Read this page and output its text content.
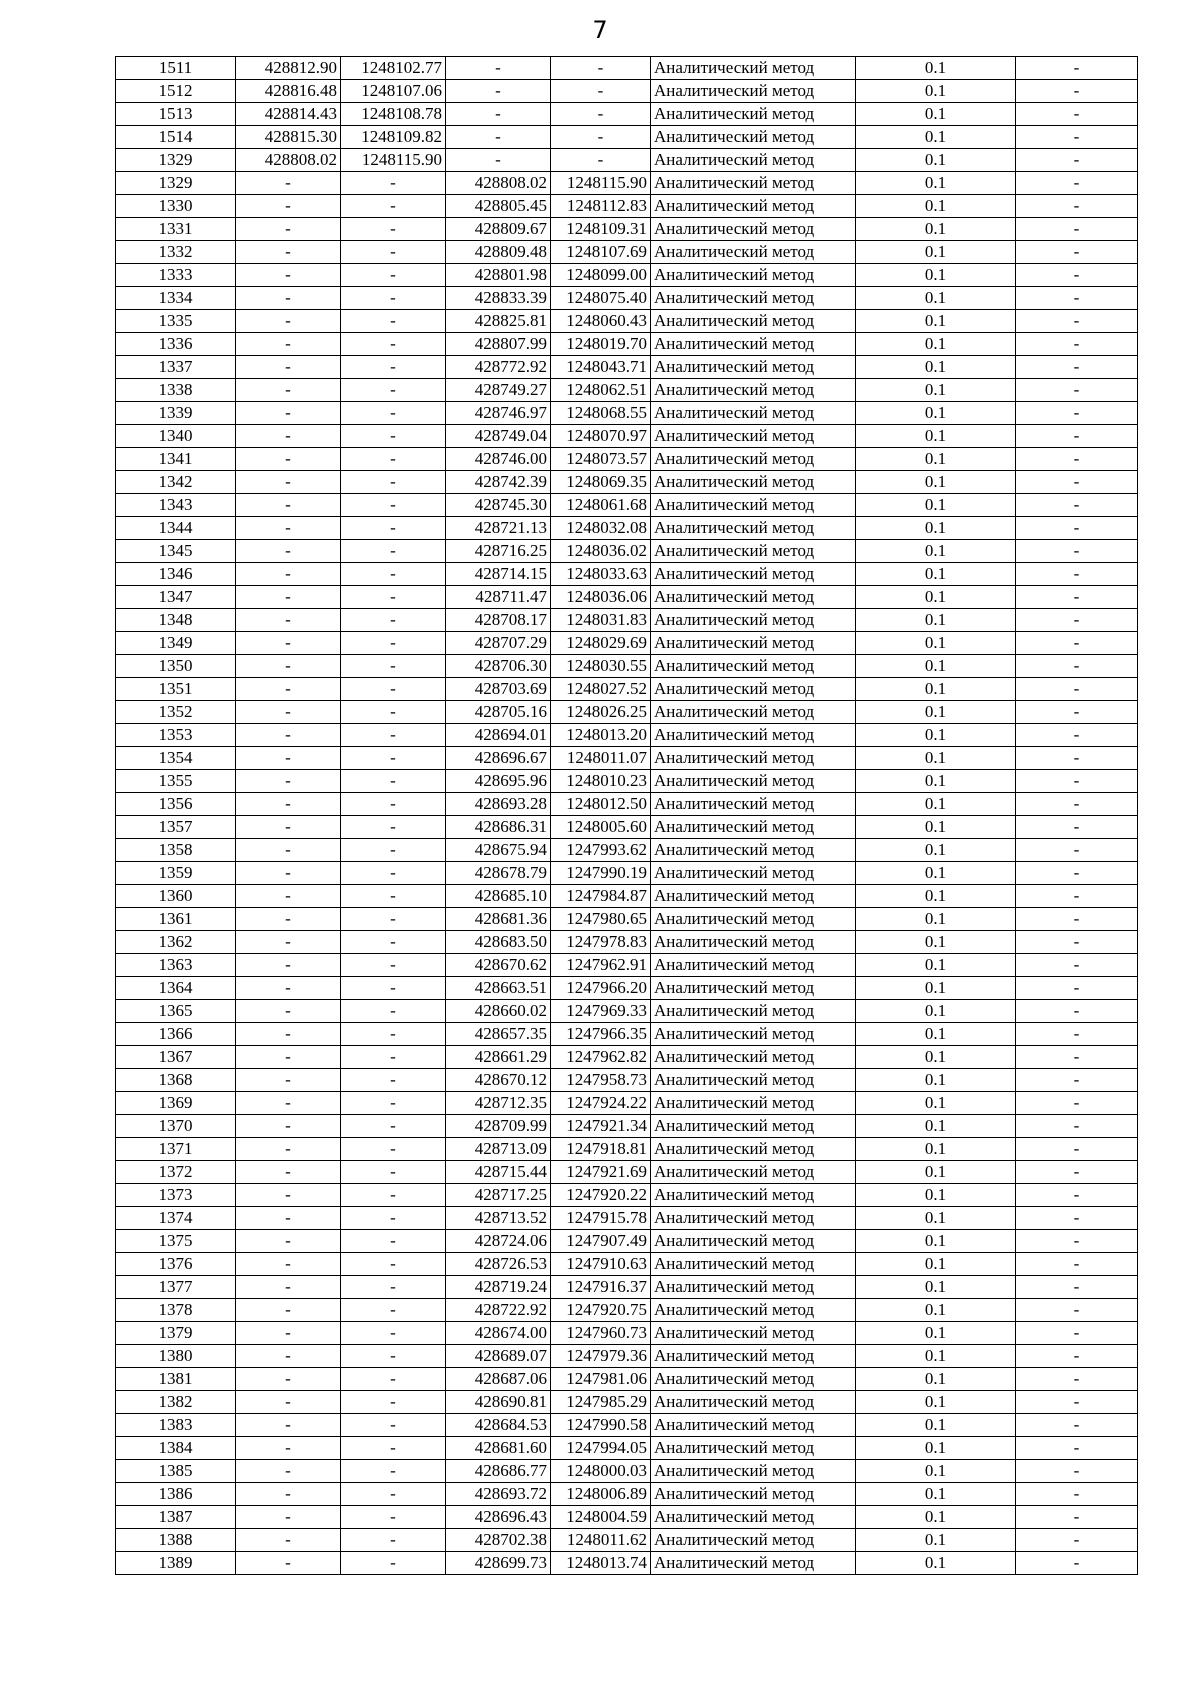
7
1511	428812.90	1248102.77	-	-	Аналитический метод	0.1	-
1512	428816.48	1248107.06	-	-	Аналитический метод	0.1	-
1513	428814.43	1248108.78	-	-	Аналитический метод	0.1	-
1514	428815.30	1248109.82	-	-	Аналитический метод	0.1	-
1329	428808.02	1248115.90	-	-	Аналитический метод	0.1	-
1329	-	-	428808.02	1248115.90	Аналитический метод	0.1	-
1330	-	-	428805.45	1248112.83	Аналитический метод	0.1	-
1331	-	-	428809.67	1248109.31	Аналитический метод	0.1	-
1332	-	-	428809.48	1248107.69	Аналитический метод	0.1	-
1333	-	-	428801.98	1248099.00	Аналитический метод	0.1	-
1334	-	-	428833.39	1248075.40	Аналитический метод	0.1	-
1335	-	-	428825.81	1248060.43	Аналитический метод	0.1	-
1336	-	-	428807.99	1248019.70	Аналитический метод	0.1	-
1337	-	-	428772.92	1248043.71	Аналитический метод	0.1	-
1338	-	-	428749.27	1248062.51	Аналитический метод	0.1	-
1339	-	-	428746.97	1248068.55	Аналитический метод	0.1	-
1340	-	-	428749.04	1248070.97	Аналитический метод	0.1	-
1341	-	-	428746.00	1248073.57	Аналитический метод	0.1	-
1342	-	-	428742.39	1248069.35	Аналитический метод	0.1	-
1343	-	-	428745.30	1248061.68	Аналитический метод	0.1	-
1344	-	-	428721.13	1248032.08	Аналитический метод	0.1	-
1345	-	-	428716.25	1248036.02	Аналитический метод	0.1	-
1346	-	-	428714.15	1248033.63	Аналитический метод	0.1	-
1347	-	-	428711.47	1248036.06	Аналитический метод	0.1	-
1348	-	-	428708.17	1248031.83	Аналитический метод	0.1	-
1349	-	-	428707.29	1248029.69	Аналитический метод	0.1	-
1350	-	-	428706.30	1248030.55	Аналитический метод	0.1	-
1351	-	-	428703.69	1248027.52	Аналитический метод	0.1	-
1352	-	-	428705.16	1248026.25	Аналитический метод	0.1	-
1353	-	-	428694.01	1248013.20	Аналитический метод	0.1	-
1354	-	-	428696.67	1248011.07	Аналитический метод	0.1	-
1355	-	-	428695.96	1248010.23	Аналитический метод	0.1	-
1356	-	-	428693.28	1248012.50	Аналитический метод	0.1	-
1357	-	-	428686.31	1248005.60	Аналитический метод	0.1	-
1358	-	-	428675.94	1247993.62	Аналитический метод	0.1	-
1359	-	-	428678.79	1247990.19	Аналитический метод	0.1	-
1360	-	-	428685.10	1247984.87	Аналитический метод	0.1	-
1361	-	-	428681.36	1247980.65	Аналитический метод	0.1	-
1362	-	-	428683.50	1247978.83	Аналитический метод	0.1	-
1363	-	-	428670.62	1247962.91	Аналитический метод	0.1	-
1364	-	-	428663.51	1247966.20	Аналитический метод	0.1	-
1365	-	-	428660.02	1247969.33	Аналитический метод	0.1	-
1366	-	-	428657.35	1247966.35	Аналитический метод	0.1	-
1367	-	-	428661.29	1247962.82	Аналитический метод	0.1	-
1368	-	-	428670.12	1247958.73	Аналитический метод	0.1	-
1369	-	-	428712.35	1247924.22	Аналитический метод	0.1	-
1370	-	-	428709.99	1247921.34	Аналитический метод	0.1	-
1371	-	-	428713.09	1247918.81	Аналитический метод	0.1	-
1372	-	-	428715.44	1247921.69	Аналитический метод	0.1	-
1373	-	-	428717.25	1247920.22	Аналитический метод	0.1	-
1374	-	-	428713.52	1247915.78	Аналитический метод	0.1	-
1375	-	-	428724.06	1247907.49	Аналитический метод	0.1	-
1376	-	-	428726.53	1247910.63	Аналитический метод	0.1	-
1377	-	-	428719.24	1247916.37	Аналитический метод	0.1	-
1378	-	-	428722.92	1247920.75	Аналитический метод	0.1	-
1379	-	-	428674.00	1247960.73	Аналитический метод	0.1	-
1380	-	-	428689.07	1247979.36	Аналитический метод	0.1	-
1381	-	-	428687.06	1247981.06	Аналитический метод	0.1	-
1382	-	-	428690.81	1247985.29	Аналитический метод	0.1	-
1383	-	-	428684.53	1247990.58	Аналитический метод	0.1	-
1384	-	-	428681.60	1247994.05	Аналитический метод	0.1	-
1385	-	-	428686.77	1248000.03	Аналитический метод	0.1	-
1386	-	-	428693.72	1248006.89	Аналитический метод	0.1	-
1387	-	-	428696.43	1248004.59	Аналитический метод	0.1	-
1388	-	-	428702.38	1248011.62	Аналитический метод	0.1	-
1389	-	-	428699.73	1248013.74	Аналитический метод	0.1	-
